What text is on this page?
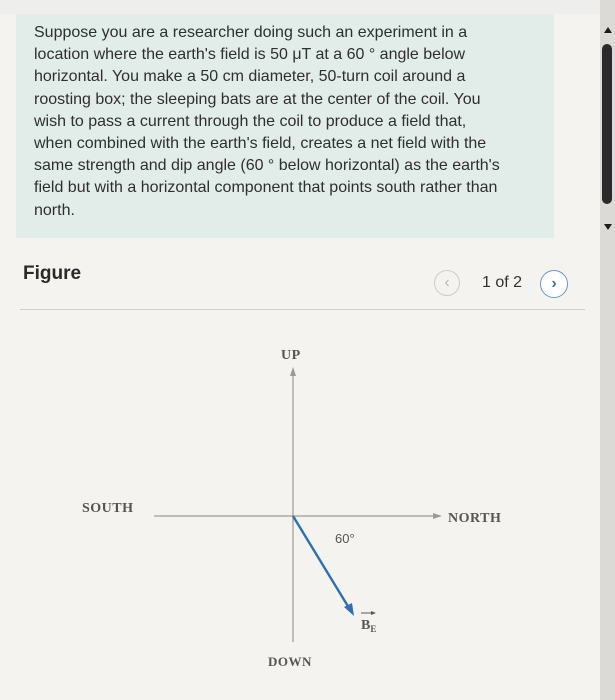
Suppose you are a researcher doing such an experiment in a
location where the earth's field is 50 μT at a 60 ° angle below
horizontal. You make a 50 cm diameter, 50-turn coil around a
roosting box; the sleeping bats are at the center of the coil. You
wish to pass a current through the coil to produce a field that,
when combined with the earth's field, creates a net field with the
same strength and dip angle (60 ° below horizontal) as the earth's
field but with a horizontal component that points south rather than
north.

Figure	‹	1 of 2	›
UP
DOWN
SOUTH
NORTH
60°
$B_E$
